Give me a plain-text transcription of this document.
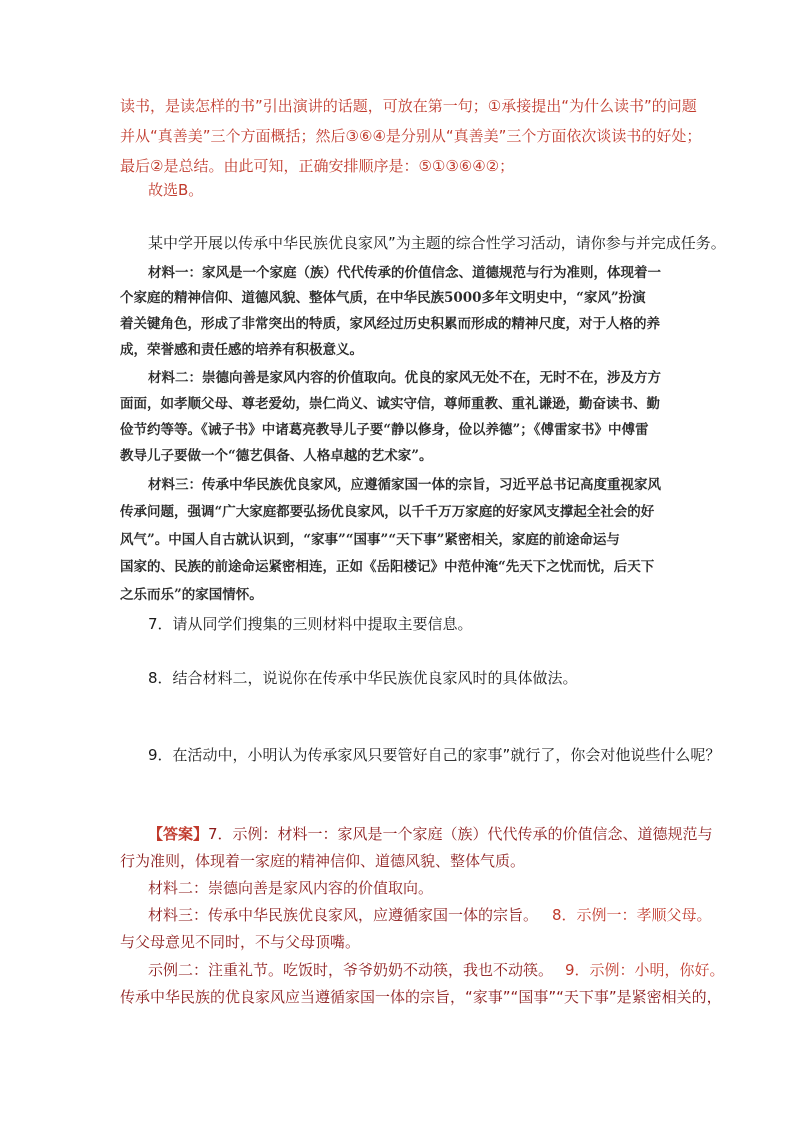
读书，是读怎样的书”引出演讲的话题，可放在第一句；①承接提出“为什么读书”的问题
并从“真善美”三个方面概括；然后③⑥④是分别从“真善美”三个方面依次谈读书的好处；
最后②是总结。由此可知，正确安排顺序是：⑤①③⑥④②；
故选B。
某中学开展以传承中华民族优良家风”为主题的综合性学习活动，请你参与并完成任务。
材料一：家风是一个家庭（族）代代传承的价值信念、道德规范与行为准则，体现着一
个家庭的精神信仰、道德风貌、整体气质，在中华民族5000多年文明史中，“家风”扮演
着关键角色，形成了非常突出的特质，家风经过历史积累而形成的精神尺度，对于人格的养
成，荣誉感和责任感的培养有积极意义。
材料二：崇德向善是家风内容的价值取向。优良的家风无处不在，无时不在，涉及方方
面面，如孝顺父母、尊老爱幼，崇仁尚义、诚实守信，尊师重教、重礼谦逊，勤奋读书、勤
俭节约等等。《诫子书》中诸葛亮教导儿子要“静以修身，俭以养德”；《傅雷家书》中傅雷
教导儿子要做一个“德艺俱备、人格卓越的艺术家”。
材料三：传承中华民族优良家风，应遵循家国一体的宗旨，习近平总书记高度重视家风
传承问题，强调“广大家庭都要弘扬优良家风，以千千万万家庭的好家风支撑起全社会的好
风气”。中国人自古就认识到，“家事”“国事”“天下事”紧密相关，家庭的前途命运与
国家的、民族的前途命运紧密相连，正如《岳阳楼记》中范仲淹“先天下之忧而忧，后天下
之乐而乐”的家国情怀。
7．请从同学们搜集的三则材料中提取主要信息。
8．结合材料二，说说你在传承中华民族优良家风时的具体做法。
9．在活动中，小明认为传承家风只要管好自己的家事”就行了，你会对他说些什么呢？
【答案】7．示例：材料一：家风是一个家庭（族）代代传承的价值信念、道德规范与
行为准则，体现着一家庭的精神信仰、道德风貌、整体气质。
材料二：崇德向善是家风内容的价值取向。
材料三：传承中华民族优良家风，应遵循家国一体的宗旨。 8．示例一：孝顺父母。
与父母意见不同时，不与父母顶嘴。
示例二：注重礼节。吃饭时，爷爷奶奶不动筷，我也不动筷。 9．示例：小明，你好。
传承中华民族的优良家风应当遵循家国一体的宗旨，“家事”“国事”“天下事”是紧密相关的，
